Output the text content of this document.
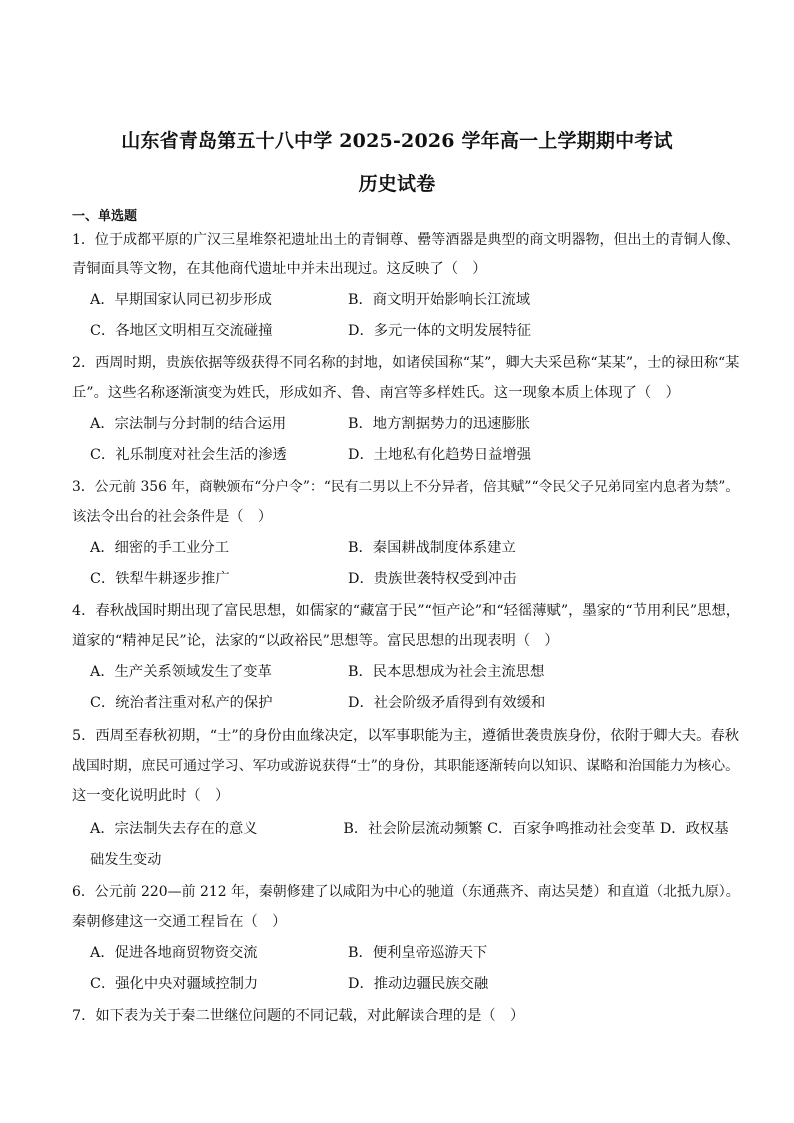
山东省青岛第五十八中学 2025-2026 学年高一上学期期中考试
历史试卷
一、单选题
1．位于成都平原的广汉三星堆祭祀遗址出土的青铜尊、罍等酒器是典型的商文明器物，但出土的青铜人像、
青铜面具等文物，在其他商代遗址中并未出现过。这反映了（　）
A．早期国家认同已初步形成	B．商文明开始影响长江流域
C．各地区文明相互交流碰撞	D．多元一体的文明发展特征
2．西周时期，贵族依据等级获得不同名称的封地，如诸侯国称“某”，卿大夫采邑称“某某”，士的禄田称“某
丘”。这些名称逐渐演变为姓氏，形成如齐、鲁、南宫等多样姓氏。这一现象本质上体现了（　）
A．宗法制与分封制的结合运用	B．地方割据势力的迅速膨胀
C．礼乐制度对社会生活的渗透	D．土地私有化趋势日益增强
3．公元前 356 年，商鞅颁布“分户令”：“民有二男以上不分异者，倍其赋”“令民父子兄弟同室内息者为禁”。
该法令出台的社会条件是（　）
A．细密的手工业分工	B．秦国耕战制度体系建立
C．铁犁牛耕逐步推广	D．贵族世袭特权受到冲击
4．春秋战国时期出现了富民思想，如儒家的“藏富于民”“恒产论”和“轻徭薄赋”，墨家的“节用利民”思想，
道家的“精神足民”论，法家的“以政裕民”思想等。富民思想的出现表明（　）
A．生产关系领域发生了变革	B．民本思想成为社会主流思想
C．统治者注重对私产的保护	D．社会阶级矛盾得到有效缓和
5．西周至春秋初期，“士”的身份由血缘决定，以军事职能为主，遵循世袭贵族身份，依附于卿大夫。春秋
战国时期，庶民可通过学习、军功或游说获得“士”的身份，其职能逐渐转向以知识、谋略和治国能力为核心。
这一变化说明此时（　）
A．宗法制失去存在的意义　　　　　　B．社会阶层流动频繁 C．百家争鸣推动社会变革 D．政权基
础发生变动
6．公元前 220—前 212 年，秦朝修建了以咸阳为中心的驰道（东通燕齐、南达吴楚）和直道（北抵九原）。
秦朝修建这一交通工程旨在（　）
A．促进各地商贸物资交流	B．便利皇帝巡游天下
C．强化中央对疆域控制力	D．推动边疆民族交融
7．如下表为关于秦二世继位问题的不同记载，对此解读合理的是（　）
